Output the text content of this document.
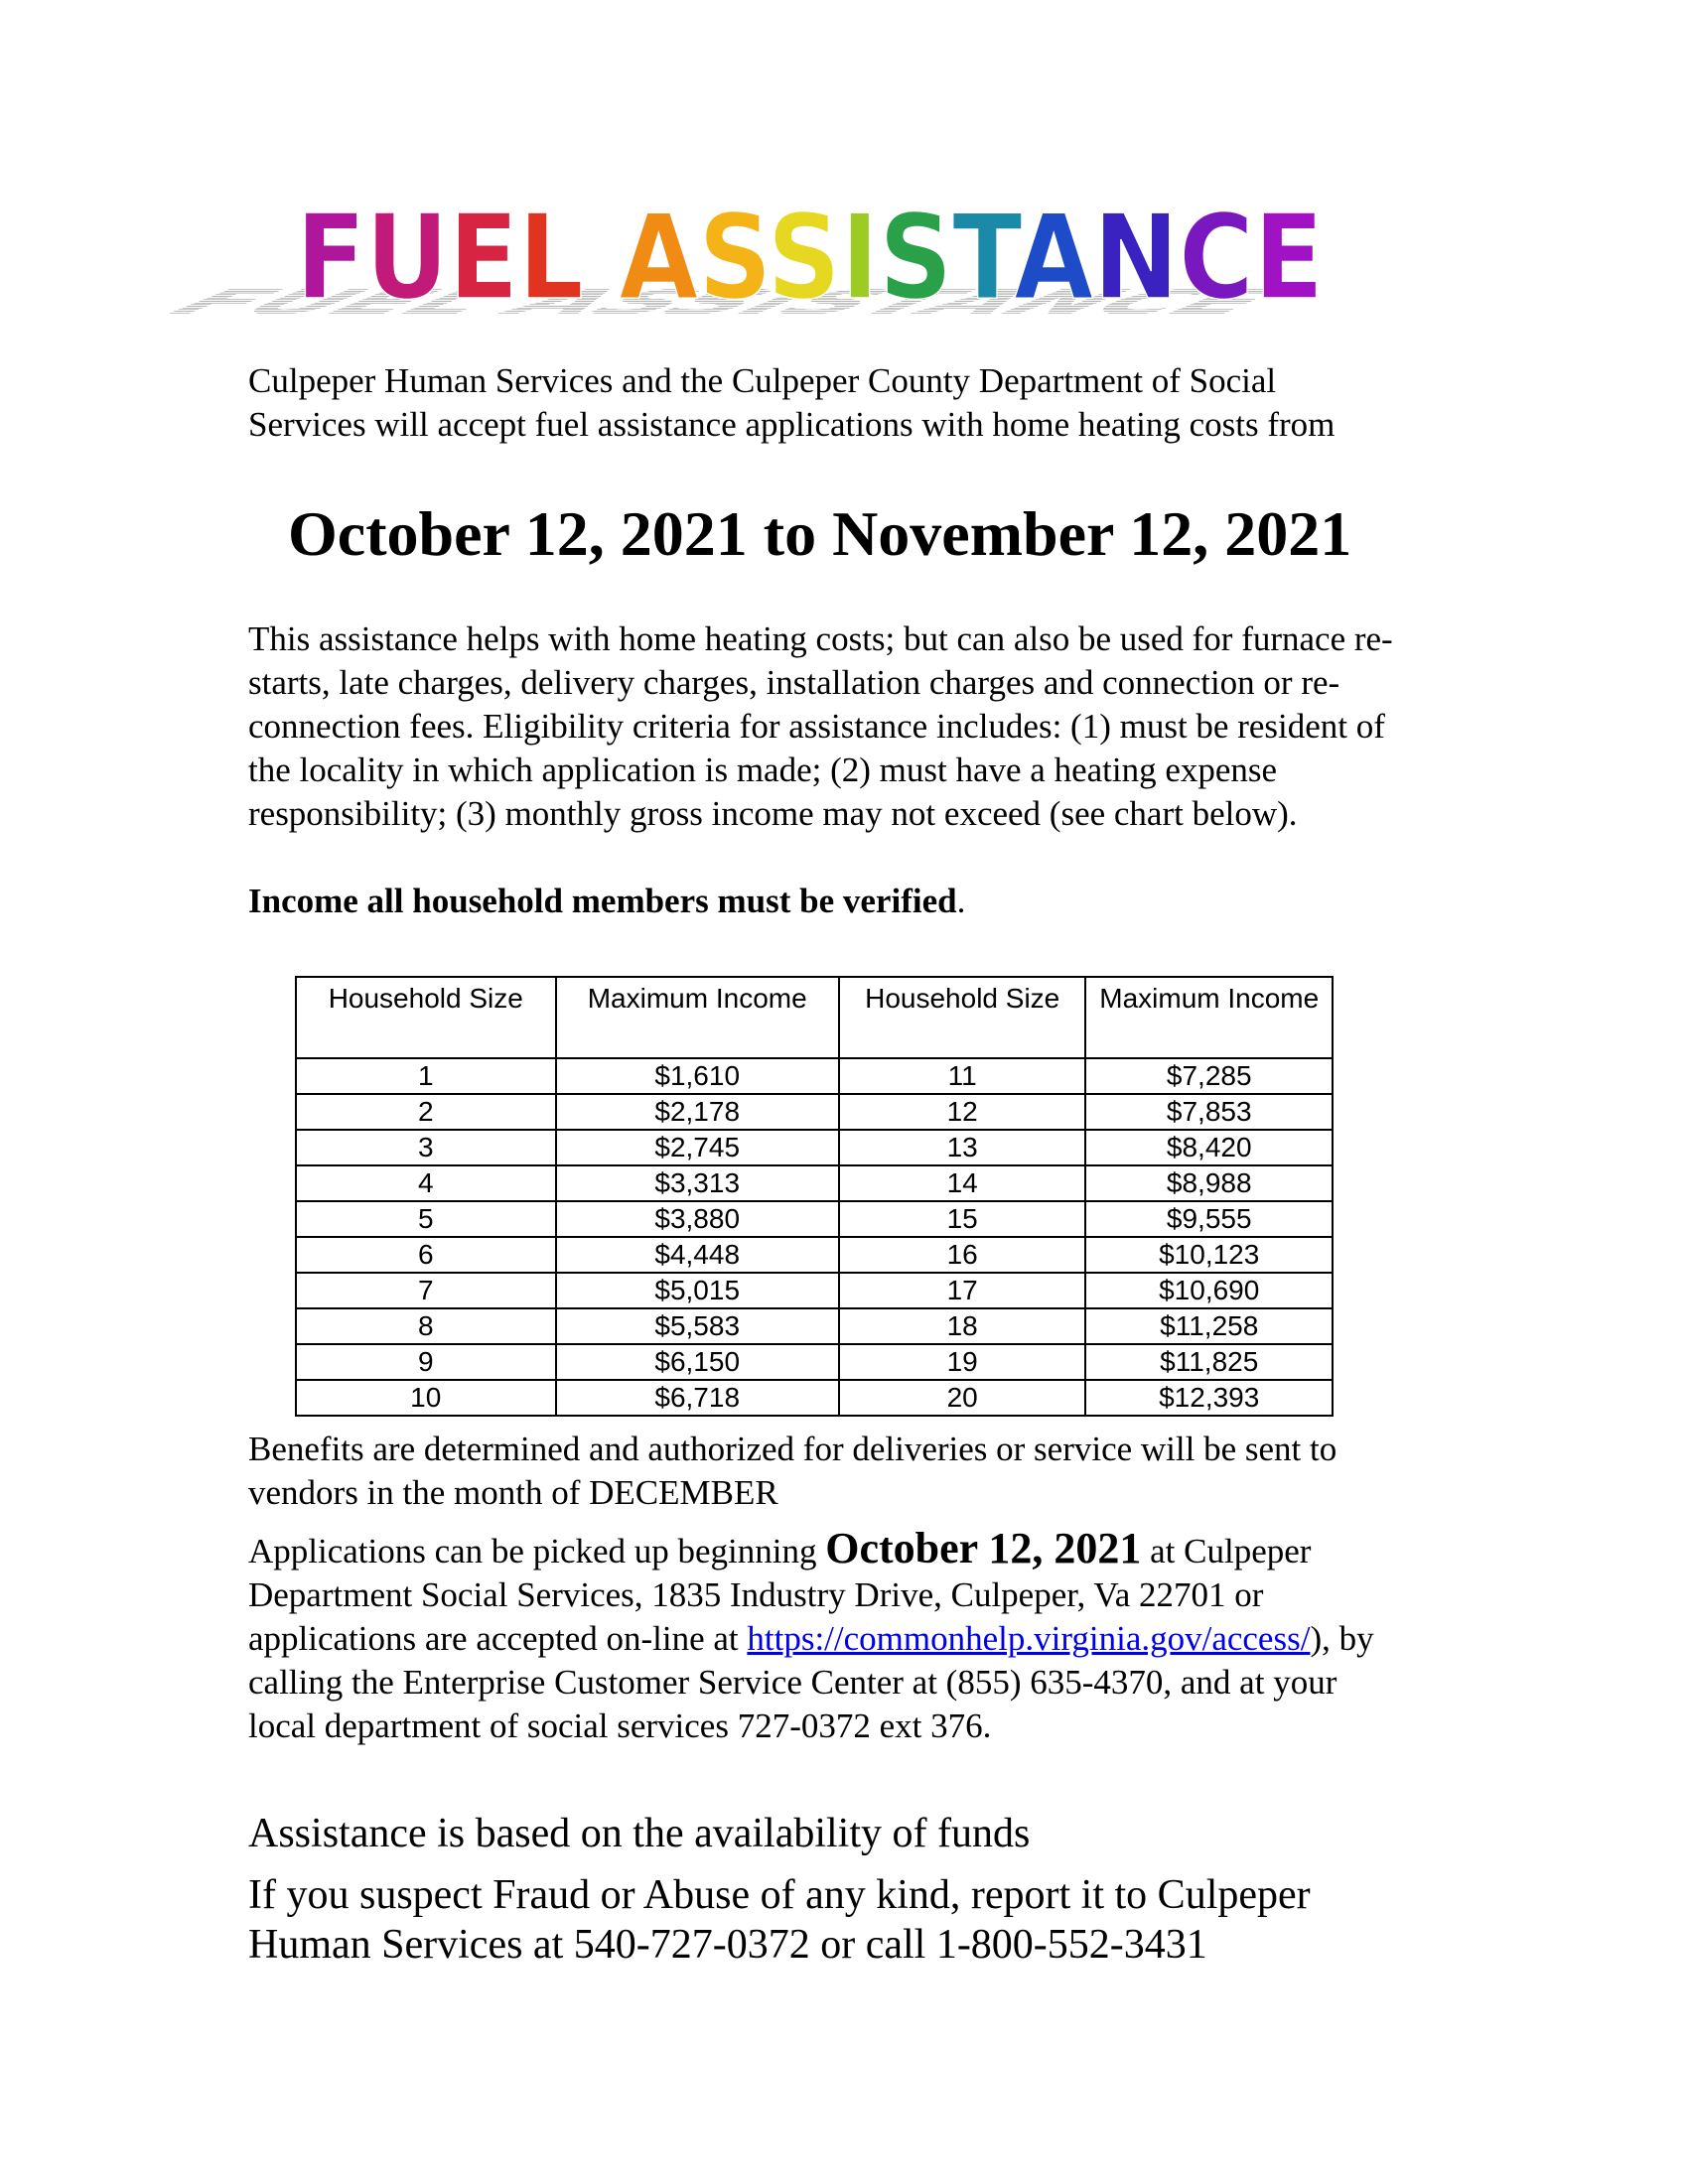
FUEL ASSISTANCE
FUEL ASSISTANCE

Culpeper Human Services and the Culpeper County Department of Social Services will accept fuel assistance applications with home heating costs from

October 12, 2021 to November 12, 2021

This assistance helps with home heating costs; but can also be used for furnace re-starts, late charges, delivery charges, installation charges and connection or re-connection fees. Eligibility criteria for assistance includes: (1) must be resident of the locality in which application is made; (2) must have a heating expense responsibility; (3) monthly gross income may not exceed (see chart below).

Income all household members must be verified.

Household Size	Maximum Income	Household Size	Maximum Income
1	$1,610	11	$7,285
2	$2,178	12	$7,853
3	$2,745	13	$8,420
4	$3,313	14	$8,988
5	$3,880	15	$9,555
6	$4,448	16	$10,123
7	$5,015	17	$10,690
8	$5,583	18	$11,258
9	$6,150	19	$11,825
10	$6,718	20	$12,393

Benefits are determined and authorized for deliveries or service will be sent to vendors in the month of DECEMBER

Applications can be picked up beginning October 12, 2021 at Culpeper Department Social Services, 1835 Industry Drive, Culpeper, Va 22701 or applications are accepted on-line at https://commonhelp.virginia.gov/access/), by calling the Enterprise Customer Service Center at (855) 635-4370, and at your local department of social services 727-0372 ext 376.

Assistance is based on the availability of funds

If you suspect Fraud or Abuse of any kind, report it to Culpeper Human Services at 540-727-0372 or call 1-800-552-3431
